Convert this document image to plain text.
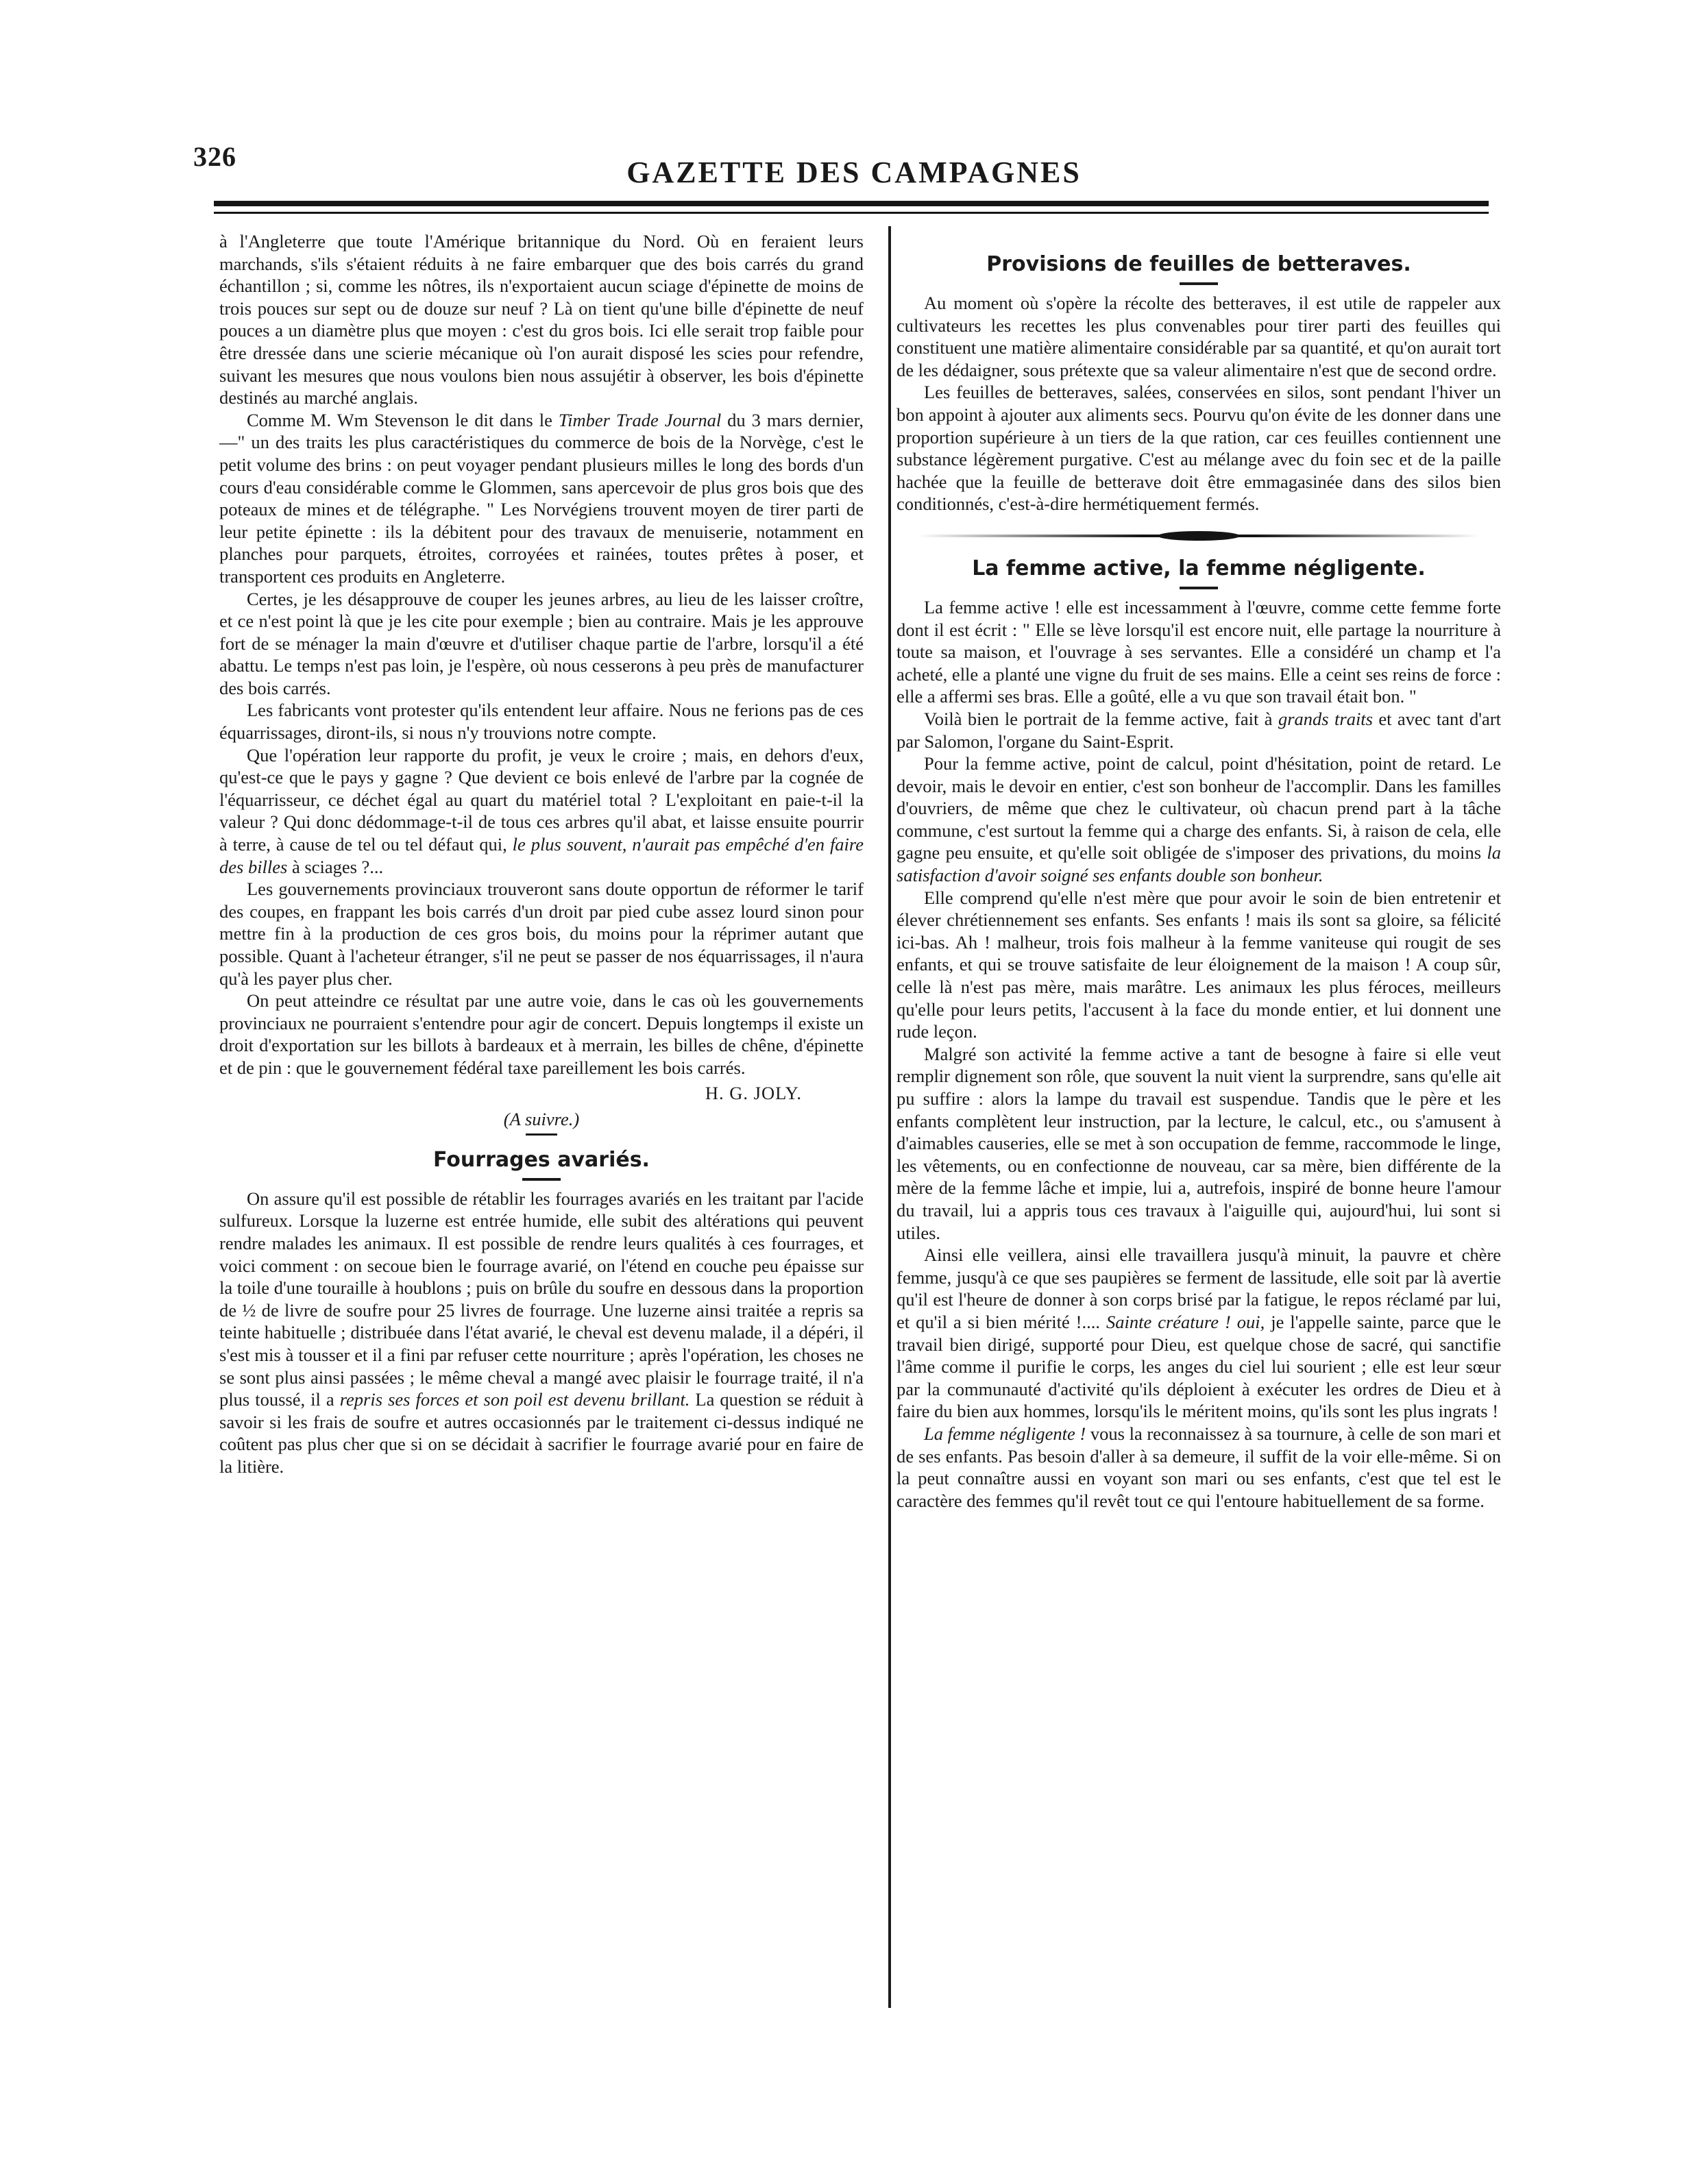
326	GAZETTE DES CAMPAGNES

à l'Angleterre que toute l'Amérique britannique du Nord. Où en feraient leurs marchands, s'ils s'étaient réduits à ne faire embarquer que des bois carrés du grand échantillon ; si, comme les nôtres, ils n'exportaient aucun sciage d'épinette de moins de trois pouces sur sept ou de douze sur neuf ? Là on tient qu'une bille d'épinette de neuf pouces a un diamètre plus que moyen : c'est du gros bois. Ici elle serait trop faible pour être dressée dans une scierie mécanique où l'on aurait disposé les scies pour refendre, suivant les mesures que nous voulons bien nous assujétir à observer, les bois d'épinette destinés au marché anglais.

Comme M. Wm Stevenson le dit dans le Timber Trade Journal du 3 mars dernier,—" un des traits les plus caractéristiques du commerce de bois de la Norvège, c'est le petit volume des brins : on peut voyager pendant plusieurs milles le long des bords d'un cours d'eau considérable comme le Glommen, sans apercevoir de plus gros bois que des poteaux de mines et de télégraphe. " Les Norvégiens trouvent moyen de tirer parti de leur petite épinette : ils la débitent pour des travaux de menuiserie, notamment en planches pour parquets, étroites, corroyées et rainées, toutes prêtes à poser, et transportent ces produits en Angleterre.

Certes, je les désapprouve de couper les jeunes arbres, au lieu de les laisser croître, et ce n'est point là que je les cite pour exemple ; bien au contraire. Mais je les approuve fort de se ménager la main d'œuvre et d'utiliser chaque partie de l'arbre, lorsqu'il a été abattu. Le temps n'est pas loin, je l'espère, où nous cesserons à peu près de manufacturer des bois carrés.

Les fabricants vont protester qu'ils entendent leur affaire. Nous ne ferions pas de ces équarrissages, diront-ils, si nous n'y trouvions notre compte.

Que l'opération leur rapporte du profit, je veux le croire ; mais, en dehors d'eux, qu'est-ce que le pays y gagne ? Que devient ce bois enlevé de l'arbre par la cognée de l'équarrisseur, ce déchet égal au quart du matériel total ? L'exploitant en paie-t-il la valeur ? Qui donc dédommage-t-il de tous ces arbres qu'il abat, et laisse ensuite pourrir à terre, à cause de tel ou tel défaut qui, le plus souvent, n'aurait pas empêché d'en faire des billes à sciages ?...

Les gouvernements provinciaux trouveront sans doute opportun de réformer le tarif des coupes, en frappant les bois carrés d'un droit par pied cube assez lourd sinon pour mettre fin à la production de ces gros bois, du moins pour la réprimer autant que possible. Quant à l'acheteur étranger, s'il ne peut se passer de nos équarrissages, il n'aura qu'à les payer plus cher.

On peut atteindre ce résultat par une autre voie, dans le cas où les gouvernements provinciaux ne pourraient s'entendre pour agir de concert. Depuis longtemps il existe un droit d'exportation sur les billots à bardeaux et à merrain, les billes de chêne, d'épinette et de pin : que le gouvernement fédéral taxe pareillement les bois carrés.

H. G. JOLY.
(A suivre.)
Fourrages avariés.

On assure qu'il est possible de rétablir les fourrages avariés en les traitant par l'acide sulfureux. Lorsque la luzerne est entrée humide, elle subit des altérations qui peuvent rendre malades les animaux. Il est possible de rendre leurs qualités à ces fourrages, et voici comment : on secoue bien le fourrage avarié, on l'étend en couche peu épaisse sur la toile d'une touraille à houblons ; puis on brûle du soufre en dessous dans la proportion de ½ de livre de soufre pour 25 livres de fourrage. Une luzerne ainsi traitée a repris sa teinte habituelle ; distribuée dans l'état avarié, le cheval est devenu malade, il a dépéri, il s'est mis à tousser et il a fini par refuser cette nourriture ; après l'opération, les choses ne se sont plus ainsi passées ; le même cheval a mangé avec plaisir le fourrage traité, il n'a plus toussé, il a repris ses forces et son poil est devenu brillant. La question se réduit à savoir si les frais de soufre et autres occasionnés par le traitement ci-dessus indiqué ne coûtent pas plus cher que si on se décidait à sacrifier le fourrage avarié pour en faire de la litière.

Provisions de feuilles de betteraves.

Au moment où s'opère la récolte des betteraves, il est utile de rappeler aux cultivateurs les recettes les plus convenables pour tirer parti des feuilles qui constituent une matière alimentaire considérable par sa quantité, et qu'on aurait tort de les dédaigner, sous prétexte que sa valeur alimentaire n'est que de second ordre.

Les feuilles de betteraves, salées, conservées en silos, sont pendant l'hiver un bon appoint à ajouter aux aliments secs. Pourvu qu'on évite de les donner dans une proportion supérieure à un tiers de la que ration, car ces feuilles contiennent une substance légèrement purgative. C'est au mélange avec du foin sec et de la paille hachée que la feuille de betterave doit être emmagasinée dans des silos bien conditionnés, c'est-à-dire hermétiquement fermés.

La femme active, la femme négligente.

La femme active ! elle est incessamment à l'œuvre, comme cette femme forte dont il est écrit : " Elle se lève lorsqu'il est encore nuit, elle partage la nourriture à toute sa maison, et l'ouvrage à ses servantes. Elle a considéré un champ et l'a acheté, elle a planté une vigne du fruit de ses mains. Elle a ceint ses reins de force : elle a affermi ses bras. Elle a goûté, elle a vu que son travail était bon. "

Voilà bien le portrait de la femme active, fait à grands traits et avec tant d'art par Salomon, l'organe du Saint-Esprit.

Pour la femme active, point de calcul, point d'hésitation, point de retard. Le devoir, mais le devoir en entier, c'est son bonheur de l'accomplir. Dans les familles d'ouvriers, de même que chez le cultivateur, où chacun prend part à la tâche commune, c'est surtout la femme qui a charge des enfants. Si, à raison de cela, elle gagne peu ensuite, et qu'elle soit obligée de s'imposer des privations, du moins la satisfaction d'avoir soigné ses enfants double son bonheur.

Elle comprend qu'elle n'est mère que pour avoir le soin de bien entretenir et élever chrétiennement ses enfants. Ses enfants ! mais ils sont sa gloire, sa félicité ici-bas. Ah ! malheur, trois fois malheur à la femme vaniteuse qui rougit de ses enfants, et qui se trouve satisfaite de leur éloignement de la maison ! A coup sûr, celle là n'est pas mère, mais marâtre. Les animaux les plus féroces, meilleurs qu'elle pour leurs petits, l'accusent à la face du monde entier, et lui donnent une rude leçon.

Malgré son activité la femme active a tant de besogne à faire si elle veut remplir dignement son rôle, que souvent la nuit vient la surprendre, sans qu'elle ait pu suffire : alors la lampe du travail est suspendue. Tandis que le père et les enfants complètent leur instruction, par la lecture, le calcul, etc., ou s'amusent à d'aimables causeries, elle se met à son occupation de femme, raccommode le linge, les vêtements, ou en confectionne de nouveau, car sa mère, bien différente de la mère de la femme lâche et impie, lui a, autrefois, inspiré de bonne heure l'amour du travail, lui a appris tous ces travaux à l'aiguille qui, aujourd'hui, lui sont si utiles.

Ainsi elle veillera, ainsi elle travaillera jusqu'à minuit, la pauvre et chère femme, jusqu'à ce que ses paupières se ferment de lassitude, elle soit par là avertie qu'il est l'heure de donner à son corps brisé par la fatigue, le repos réclamé par lui, et qu'il a si bien mérité !.... Sainte créature ! oui, je l'appelle sainte, parce que le travail bien dirigé, supporté pour Dieu, est quelque chose de sacré, qui sanctifie l'âme comme il purifie le corps, les anges du ciel lui sourient ; elle est leur sœur par la communauté d'activité qu'ils déploient à exécuter les ordres de Dieu et à faire du bien aux hommes, lorsqu'ils le méritent moins, qu'ils sont les plus ingrats !

La femme négligente ! vous la reconnaissez à sa tournure, à celle de son mari et de ses enfants. Pas besoin d'aller à sa demeure, il suffit de la voir elle-même. Si on la peut connaître aussi en voyant son mari ou ses enfants, c'est que tel est le caractère des femmes qu'il revêt tout ce qui l'entoure habituellement de sa forme.
